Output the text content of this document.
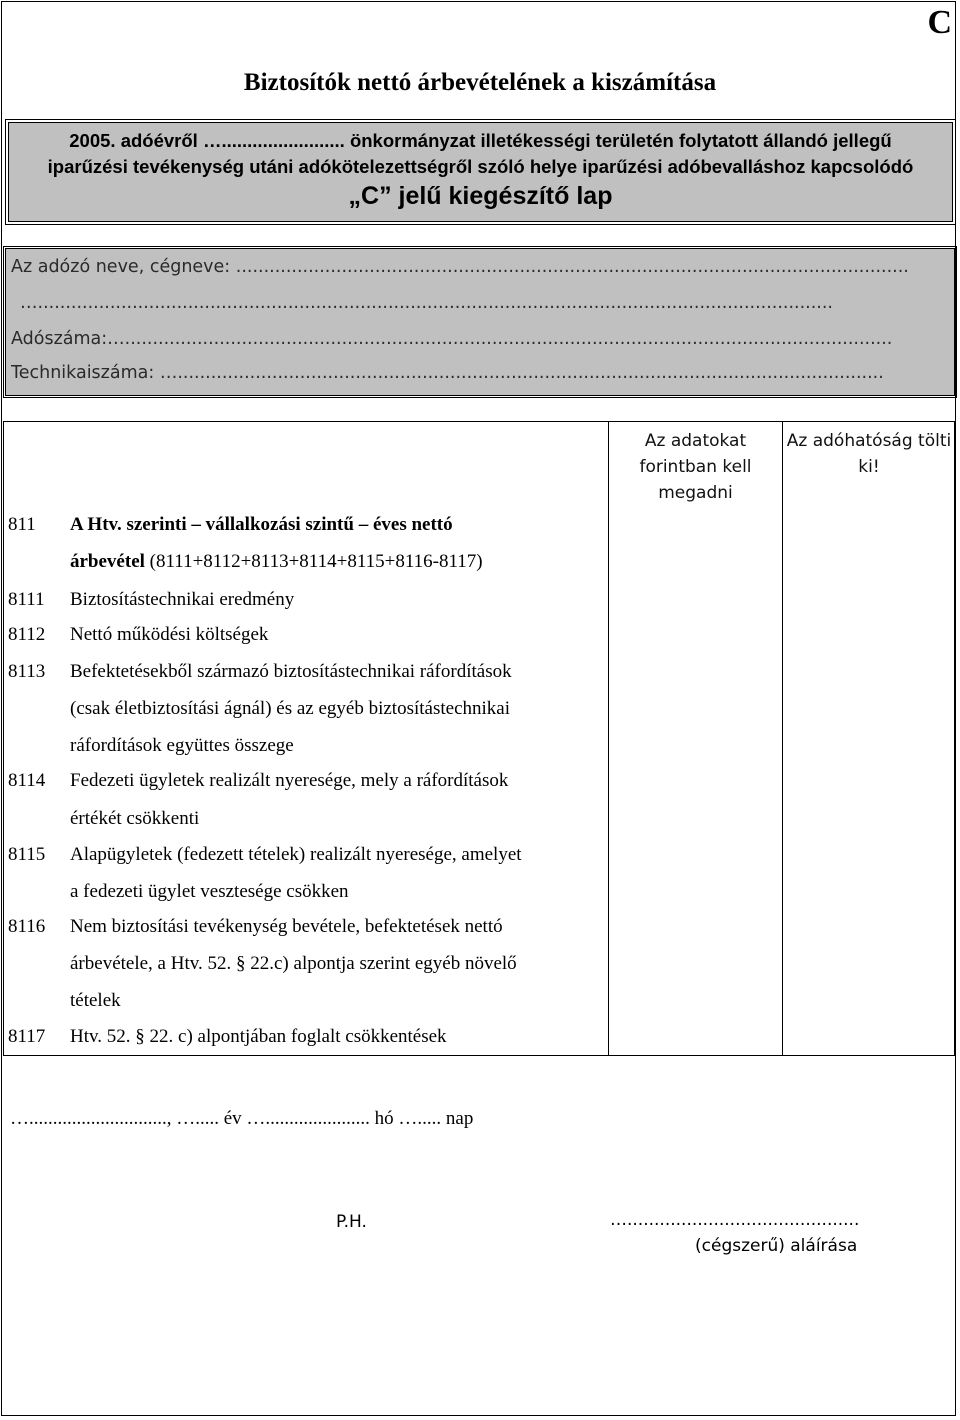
C
Biztosítók nettó árbevételének a kiszámítása
2005. adóévről …........................ önkormányzat illetékességi területén folytatott állandó jellegű
iparűzési tevékenység utáni adókötelezettségről szóló helye iparűzési adóbevalláshoz kapcsolódó
„C” jelű kiegészítő lap
Az adózó neve, cégneve: .........................................................................................................................
…...............................................................................................................................................
Adószáma:…..........................................................................................................................................
Technikaiszáma: …...............................................................................................................................
Az adatokat forintban kell megadni
Az adóhatóság tölti ki!
811 A Htv. szerinti – vállalkozási szintű – éves nettó
árbevétel (8111+8112+8113+8114+8115+8116-8117)
8111 Biztosítástechnikai eredmény
8112 Nettó működési költségek
8113 Befektetésekből származó biztosítástechnikai ráfordítások
(csak életbiztosítási ágnál) és az egyéb biztosítástechnikai
ráfordítások együttes összege
8114 Fedezeti ügyletek realizált nyeresége, mely a ráfordítások
értékét csökkenti
8115 Alapügyletek (fedezett tételek) realizált nyeresége, amelyet
a fedezeti ügylet vesztesége csökken
8116 Nem biztosítási tevékenység bevétele, befektetések nettó
árbevétele, a Htv. 52. § 22.c) alpontja szerint egyéb növelő
tételek
8117 Htv. 52. § 22. c) alpontjában foglalt csökkentések
…............................., …..... év …...................... hó …..... nap
P.H.	…...........................................
(cégszerű) aláírása
